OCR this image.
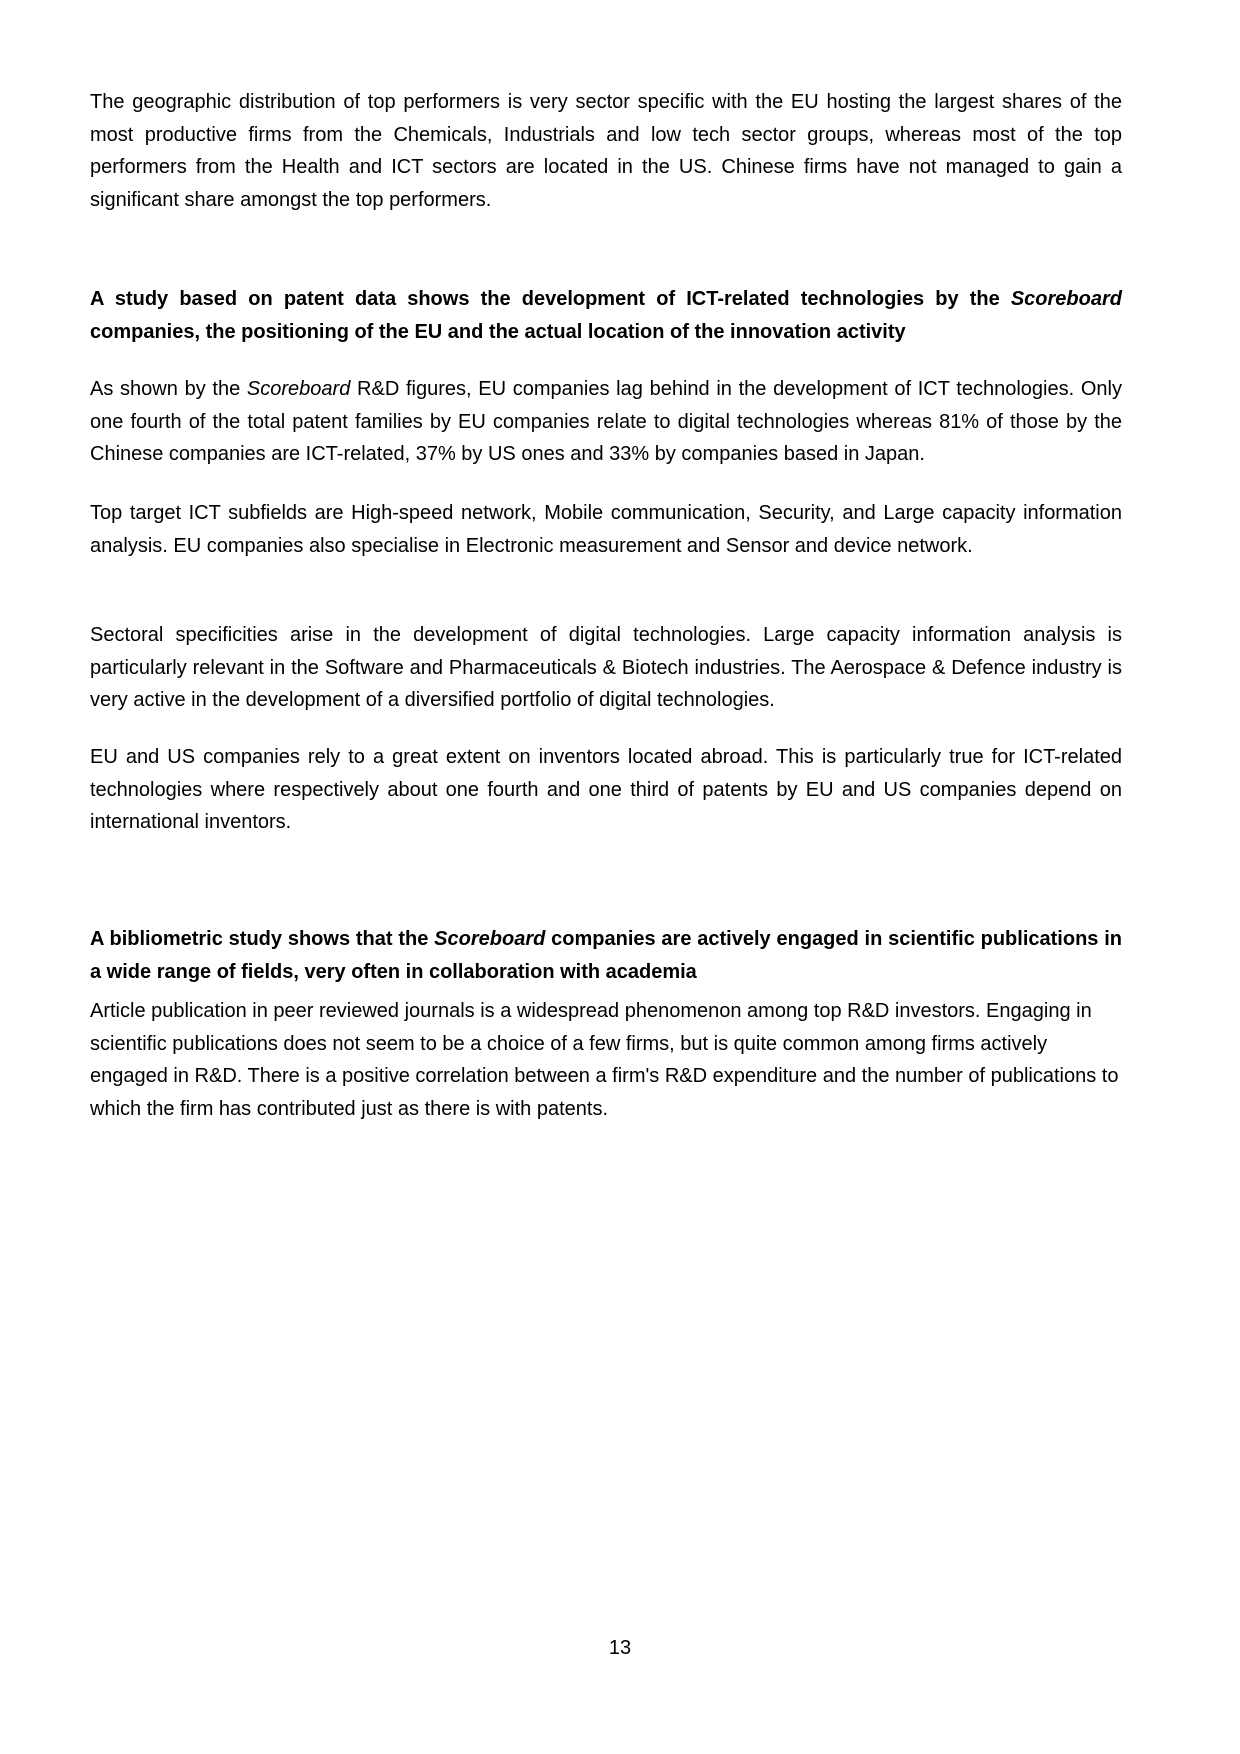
The geographic distribution of top performers is very sector specific with the EU hosting the largest shares of the most productive firms from the Chemicals, Industrials and low tech sector groups, whereas most of the top performers from the Health and ICT sectors are located in the US. Chinese firms have not managed to gain a significant share amongst the top performers.

A study based on patent data shows the development of ICT-related technologies by the Scoreboard companies, the positioning of the EU and the actual location of the innovation activity

As shown by the Scoreboard R&D figures, EU companies lag behind in the development of ICT technologies. Only one fourth of the total patent families by EU companies relate to digital technologies whereas 81% of those by the Chinese companies are ICT-related, 37% by US ones and 33% by companies based in Japan.

Top target ICT subfields are High-speed network, Mobile communication, Security, and Large capacity information analysis. EU companies also specialise in Electronic measurement and Sensor and device network.

Sectoral specificities arise in the development of digital technologies. Large capacity information analysis is particularly relevant in the Software and Pharmaceuticals & Biotech industries. The Aerospace & Defence industry is very active in the development of a diversified portfolio of digital technologies.

EU and US companies rely to a great extent on inventors located abroad. This is particularly true for ICT-related technologies where respectively about one fourth and one third of patents by EU and US companies depend on international inventors.

A bibliometric study shows that the Scoreboard companies are actively engaged in scientific publications in a wide range of fields, very often in collaboration with academia

Article publication in peer reviewed journals is a widespread phenomenon among top R&D investors. Engaging in scientific publications does not seem to be a choice of a few firms, but is quite common among firms actively engaged in R&D. There is a positive correlation between a firm's R&D expenditure and the number of publications to which the firm has contributed just as there is with patents.

13
